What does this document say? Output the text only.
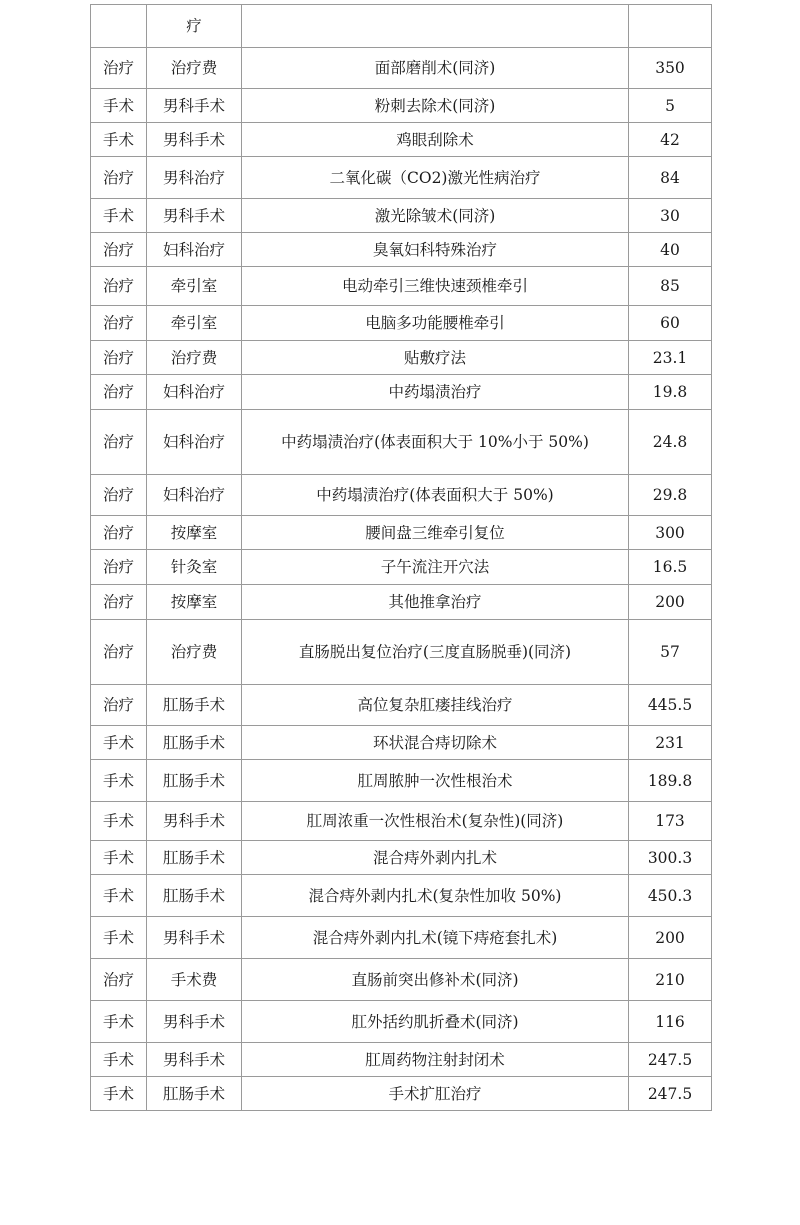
	疗		
治疗	治疗费	面部磨削术(同济)	350
手术	男科手术	粉刺去除术(同济)	5
手术	男科手术	鸡眼刮除术	42
治疗	男科治疗	二氧化碳（CO2)激光性病治疗	84
手术	男科手术	激光除皱术(同济)	30
治疗	妇科治疗	臭氧妇科特殊治疗	40
治疗	牵引室	电动牵引三维快速颈椎牵引	85
治疗	牵引室	电脑多功能腰椎牵引	60
治疗	治疗费	贴敷疗法	23.1
治疗	妇科治疗	中药塌渍治疗	19.8
治疗	妇科治疗	中药塌渍治疗(体表面积大于 10%小于 50%)	24.8
治疗	妇科治疗	中药塌渍治疗(体表面积大于 50%)	29.8
治疗	按摩室	腰间盘三维牵引复位	300
治疗	针灸室	子午流注开穴法	16.5
治疗	按摩室	其他推拿治疗	200
治疗	治疗费	直肠脱出复位治疗(三度直肠脱垂)(同济)	57
治疗	肛肠手术	高位复杂肛瘘挂线治疗	445.5
手术	肛肠手术	环状混合痔切除术	231
手术	肛肠手术	肛周脓肿一次性根治术	189.8
手术	男科手术	肛周浓重一次性根治术(复杂性)(同济)	173
手术	肛肠手术	混合痔外剥内扎术	300.3
手术	肛肠手术	混合痔外剥内扎术(复杂性加收 50%)	450.3
手术	男科手术	混合痔外剥内扎术(镜下痔疮套扎术)	200
治疗	手术费	直肠前突出修补术(同济)	210
手术	男科手术	肛外括约肌折叠术(同济)	116
手术	男科手术	肛周药物注射封闭术	247.5
手术	肛肠手术	手术扩肛治疗	247.5
